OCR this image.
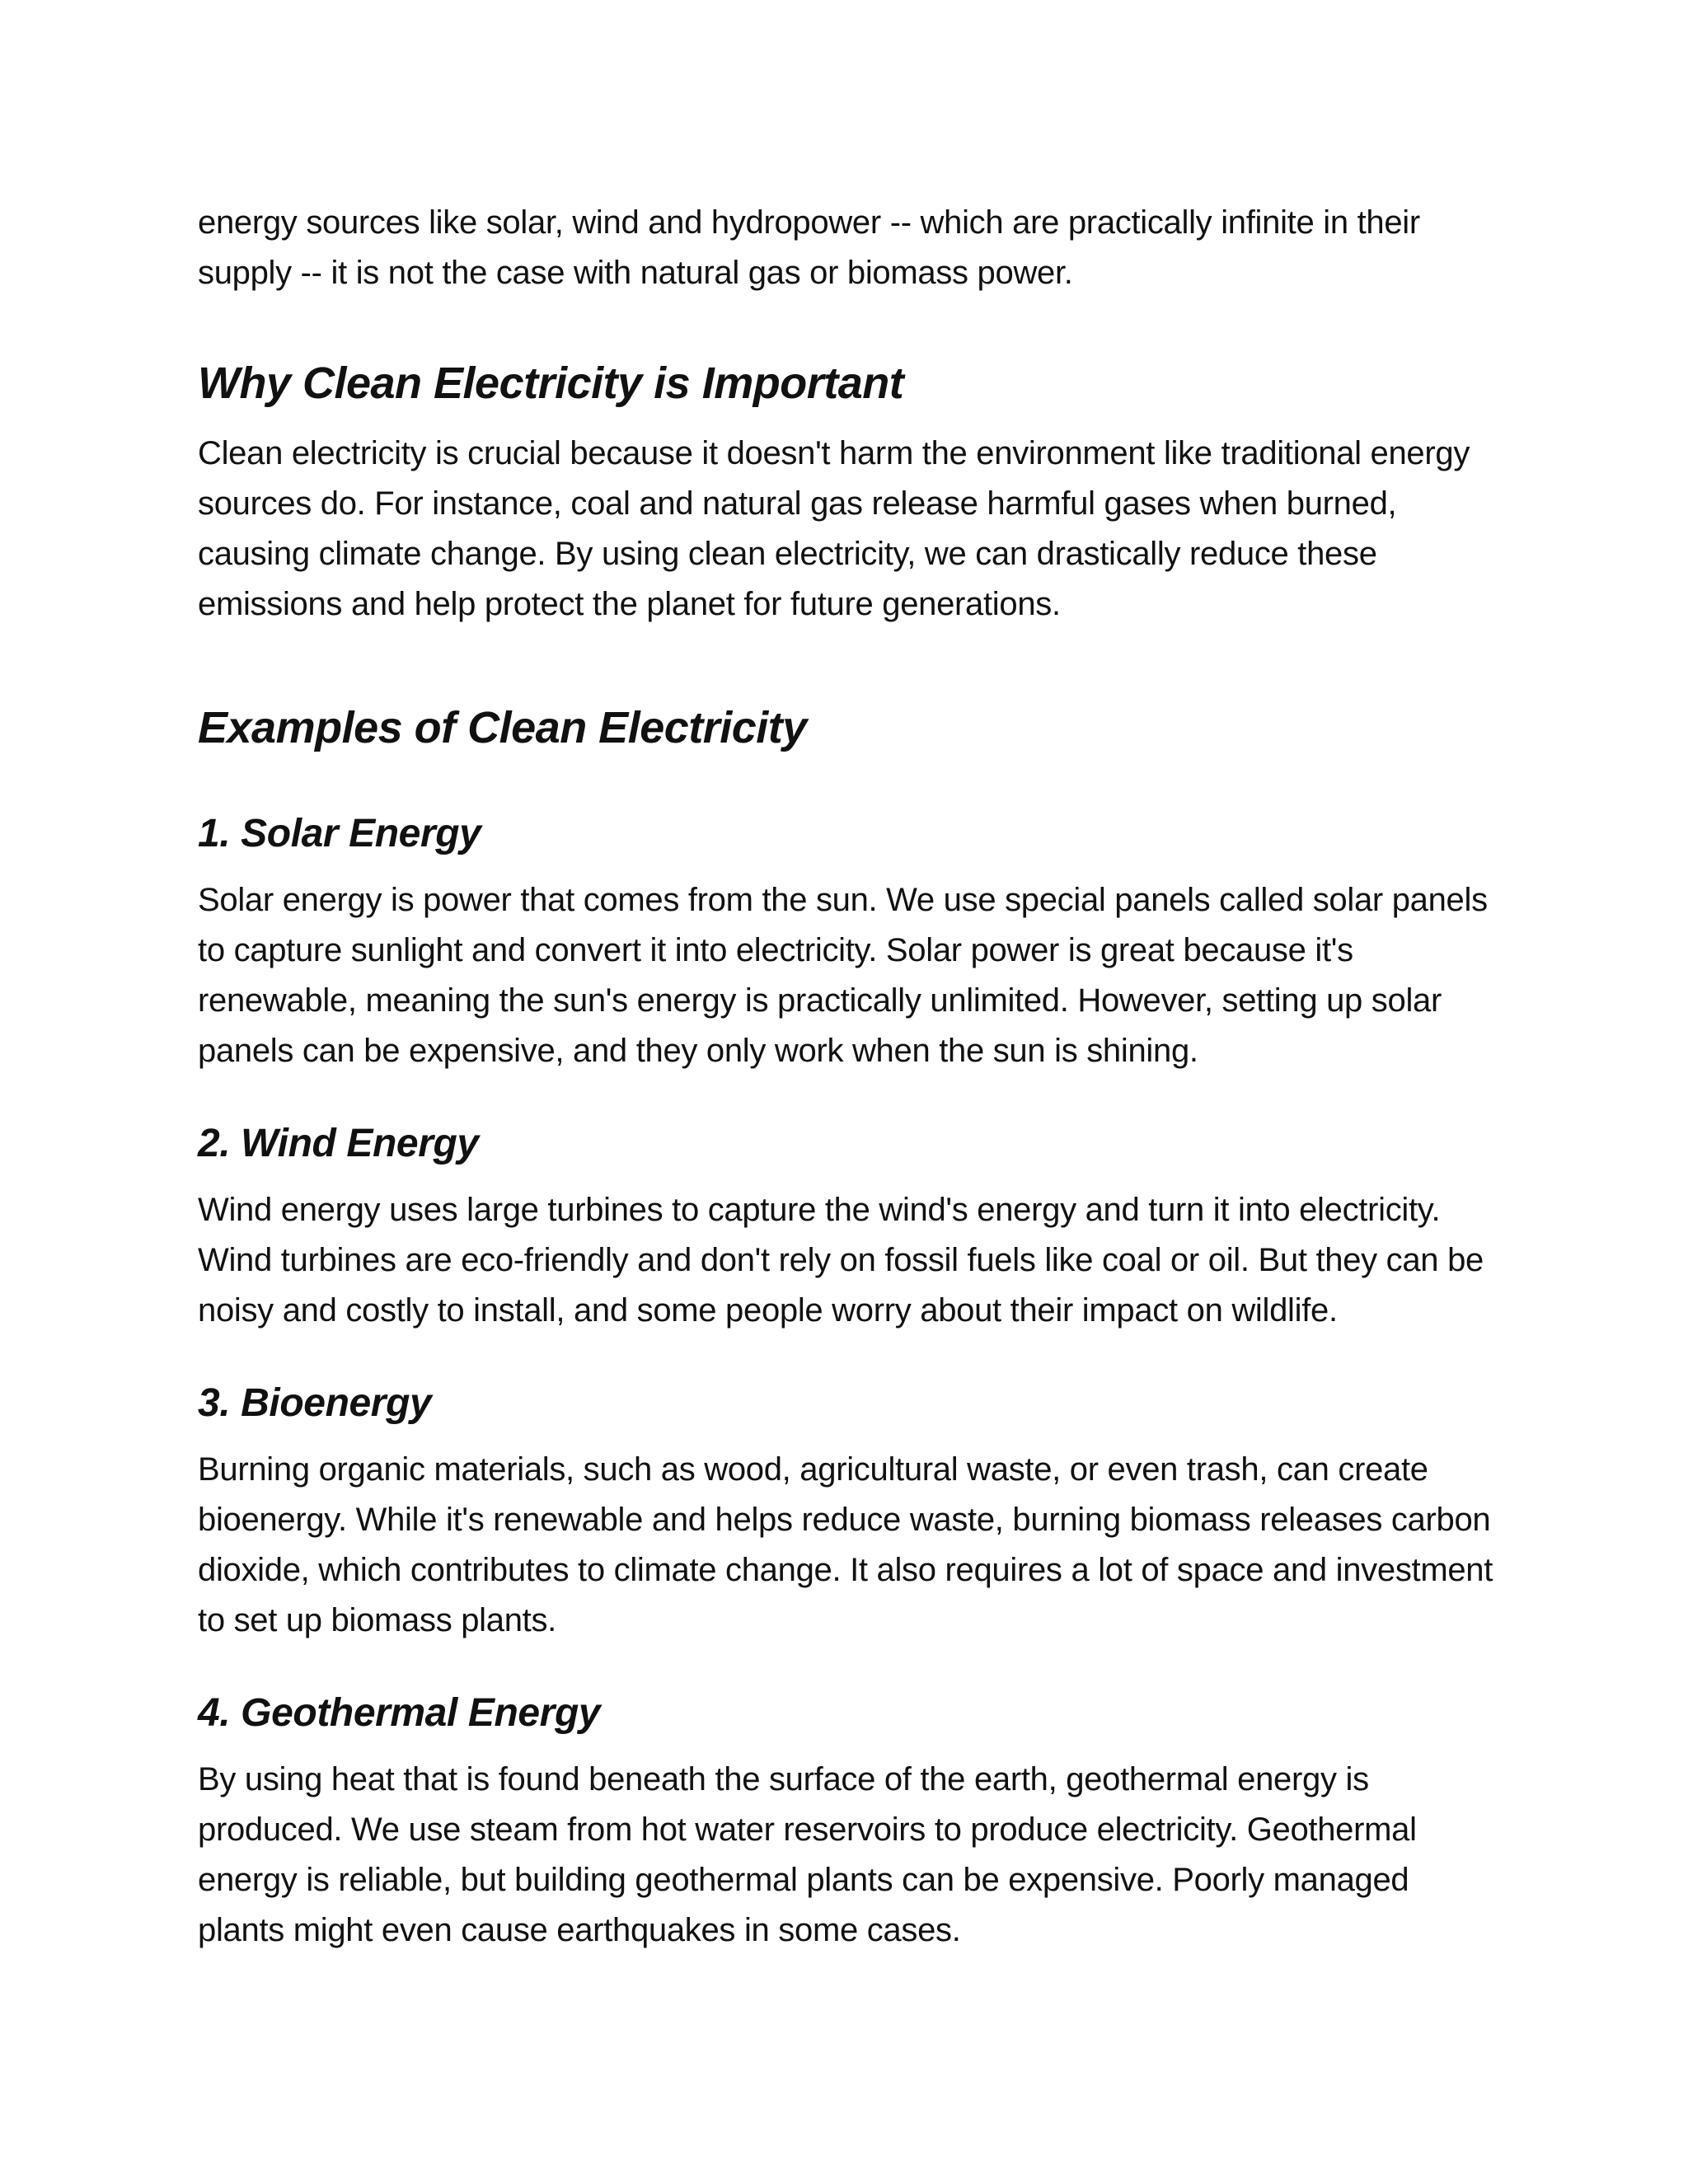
energy sources like solar, wind and hydropower -- which are practically infinite in their supply -- it is not the case with natural gas or biomass power.

Why Clean Electricity is Important

Clean electricity is crucial because it doesn't harm the environment like traditional energy sources do. For instance, coal and natural gas release harmful gases when burned, causing climate change. By using clean electricity, we can drastically reduce these emissions and help protect the planet for future generations.

Examples of Clean Electricity
1. Solar Energy

Solar energy is power that comes from the sun. We use special panels called solar panels to capture sunlight and convert it into electricity. Solar power is great because it's renewable, meaning the sun's energy is practically unlimited. However, setting up solar panels can be expensive, and they only work when the sun is shining.

2. Wind Energy

Wind energy uses large turbines to capture the wind's energy and turn it into electricity. Wind turbines are eco-friendly and don't rely on fossil fuels like coal or oil. But they can be noisy and costly to install, and some people worry about their impact on wildlife.

3. Bioenergy

Burning organic materials, such as wood, agricultural waste, or even trash, can create bioenergy. While it's renewable and helps reduce waste, burning biomass releases carbon dioxide, which contributes to climate change. It also requires a lot of space and investment to set up biomass plants.

4. Geothermal Energy

By using heat that is found beneath the surface of the earth, geothermal energy is produced. We use steam from hot water reservoirs to produce electricity. Geothermal energy is reliable, but building geothermal plants can be expensive. Poorly managed plants might even cause earthquakes in some cases.
